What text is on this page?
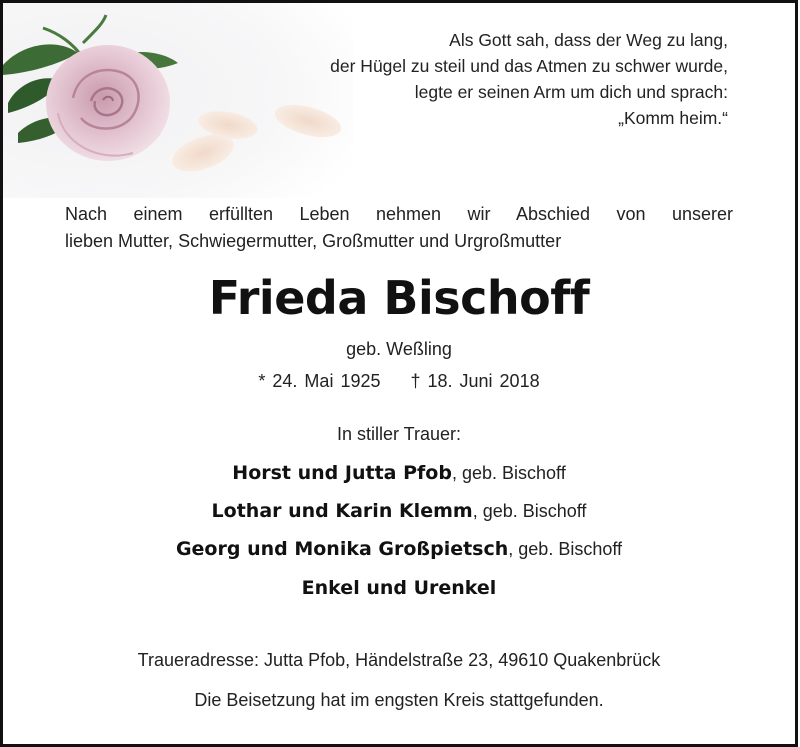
Als Gott sah, dass der Weg zu lang,
der Hügel zu steil und das Atmen zu schwer wurde,
legte er seinen Arm um dich und sprach:
„Komm heim.“
Nach einem erfüllten Leben nehmen wir Abschied von unserer
lieben Mutter, Schwiegermutter, Großmutter und Urgroßmutter
Frieda Bischoff
geb. Weßling
* 24. Mai 1925 † 18. Juni 2018
In stiller Trauer:
Horst und Jutta Pfob, geb. Bischoff
Lothar und Karin Klemm, geb. Bischoff
Georg und Monika Großpietsch, geb. Bischoff
Enkel und Urenkel
Traueradresse: Jutta Pfob, Händelstraße 23, 49610 Quakenbrück
Die Beisetzung hat im engsten Kreis stattgefunden.
